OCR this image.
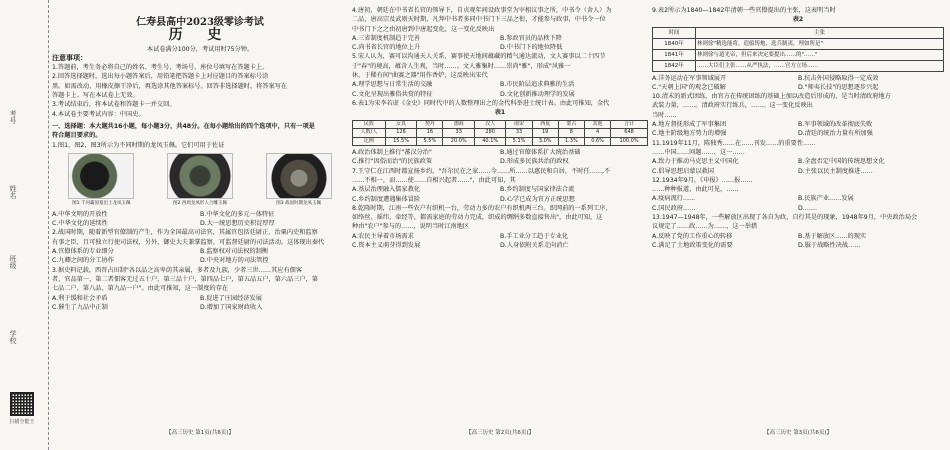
考号
姓名
班级
学校
扫描全能王
仁寿县高中2023级零诊考试
历 史

本试卷满分100分，考试用时75分钟。

注意事项：

1.答题前，考生务必将自己的姓名、考生号、考场号、座位号填写在答题卡上。

2.回答选择题时，选出每小题答案后，用铅笔把答题卡上对应题目的答案标号涂

黑。如需改动，用橡皮擦干净后，再选涂其他答案标号。回答非选择题时，将答案写在

答题卡上。写在本试卷上无效。

3.考试结束后，将本试卷和答题卡一并交回。

4.本试卷主要考试内容：中国史。

一、选择题：本大题共16小题，每小题3分，共48分。在每小题给出的四个选项中，只有一项是

符合题目要求的。

1.图1、图2、图3所示为不同时期的龙凤玉佩。它们可用于佐证

图1 千河霸国墓出土龙凤玉佩	图2 西周龙凤形人合雕玉佩	图3 战国时期龙凤玉佩
A.中华文明的开放性	B.中华文化的多元一体特征
C.中华文化的延续性	D.大一统思想历史积淀厚厚

2.战国时期，随着新型官僚制的产生，作为全国最高司法官，其属官包括廷尉正、治粟内史和监察

有事之臣，且可独立行使司法权，另外，御史大夫兼掌监察，可监督廷尉的司法活动。这体现出秦代

A.官僚体系的专业细分	B.监察权对司法权的制衡
C.九卿之间的分工协作	D.中央对地方的司法管控

3.据史料记载，西晋占田制"各以品之高卑荫其亲属，多者及九族，少者三世……其应有佃客

者，官品第一、第二者佃客无过五十户，第三品十户，第四品七户，第五品五户，第六品三户，第

七品二户，第八品、第九品一户"。由此可推知，这一制度的存在

A.利于缓和社会矛盾	B.促进了庄园经济发展
C.催生了九品中正制	D.增加了国家财政收入
【高三历史 第1页(共6页)】

4.唐初，朝廷在中书省长官的领导下，自贞观年间设政事堂为宰相议事之所，中书令（舍人）为

二品，唐高宗及武则天时期，凡拜中书者多同中书门下三品之衔，才能参与政事，中书令一位

中书门下之之由初唐到中唐起变化，这一变化反映出

A.三省制度机制趋于完善	B.参政官员的品秩下降
C.尚书省长官的地位上升	D.中书门下的地位降低

5.宋人认为，赛可以沟通天人关系，赛事使天地间蕴藏的精气通达流动，文人赛事以二十四节

于"春"的境高，蕴含人生观，当时……。文人雅集时……崇尚"雅"，形成"风雅一

休，于稀有间"曲赛之器"用作香炉，这反映出宋代

A.理学思想与日常生活的交融	B.市民阶层追求典雅的生活
C.文化呈现出雅俗共赏的特征	D.文化创新推动理学的发展

6.表1为宋李若虚《金史》同时代中的人数整理出之的金代科举进士统计表。由此可推知，金代

表1

民族	女真	契丹	渤海	汉人	南宋	西夏	蒙古	其他	合计
人数/人	126	16	33	280	33	19	8	4	648
比例	15.5%	5.5%	20.0%	40.1%	5.1%	3.0%	1.3%	0.6%	100.0%
A.政治体制上推行"蕃汉分治"	B.通过官僚体系扩大统治基础
C.推行"因俗而治"的民族政策	D.形成多民族共治的政权

7.王守仁在江西时都宣扬乡约，"吾尔民在之家……今……所……以惠民和自居，不时任……,不

……不相一，而……使……自相兴起者……"，由此可知，其

A.基层治理融入儒家教化	B.乡约制度与国家律法合流
C.乡约制度遭遇集体冒险	D.心学已成为官方正统思想

8.乾隆时期，江南一些农户有织机一台，劳动力多的农户有织机两三台。织网前的一系列工序，

如络丝、摇纬、牵经等，都需家庭的劳动力完成，织成的绸绢多数直接售出"，由此可知，这

种由"农户"参与的……，说明当时江南地区

A.农民主导着市场需求	B.手工业分工趋于专业化
C.资本主义萌芽得到发展	D.人身依附关系走向消亡
【高三历史 第2页(共6页)】

9.表2所示为1840—1842年清朝一些官僚提出的主张，这表明当时

表2

时间	主张
1840年	林则徐"精选能将，造船铸炮，选兵制夷，理如所是"
1841年	林则徐与道光帝，但后来决定要提出……的"……"
1842年	……大臣们主张……从严执法，……官方立场……
A.洋务运动在军事领域展开	B.抗击外国侵略取得一定成效
C."天朝上国"的观念已破解	D."师夷长技"的思想逐步兴起

10.清末的新式团练，由官方在传统团练的基础上加以改造后形成的，是当时清政府地方

武装力量，……。清政府实行练兵，……。这一变化反映出

当时……

A.地方督抚形成了军事集团	B.军事领域的改革彻底失败
C.地主阶级地方势力的增强	D.清廷的统治力量有所加强

11.1919年11月，陈独秀……在……刊发……的重要性……

……中国……问题……，这一……

A.致力于推动马克思主义中国化	B.全盘否定中国的传统思想文化
C.倡导思想启蒙以救国	D.主张以民主制度推进……

12.1934年9月，《申报》……报……

……种种报道，由此可见，……

A.疫病流行……	B.民族产业……发展
C.国民政府……	D.……

13.1947—1948年，一些解放区出现了各自为政、自行其是的现象，1948年9月，中央政治局会

议规定了……政……为……，这一举措

A.反映了党的工作重心的转移	B.基于解放区……的现实
C.满足了土地政策变化的需要	D.服于战略性决战……
【高三历史 第3页(共6页)】
